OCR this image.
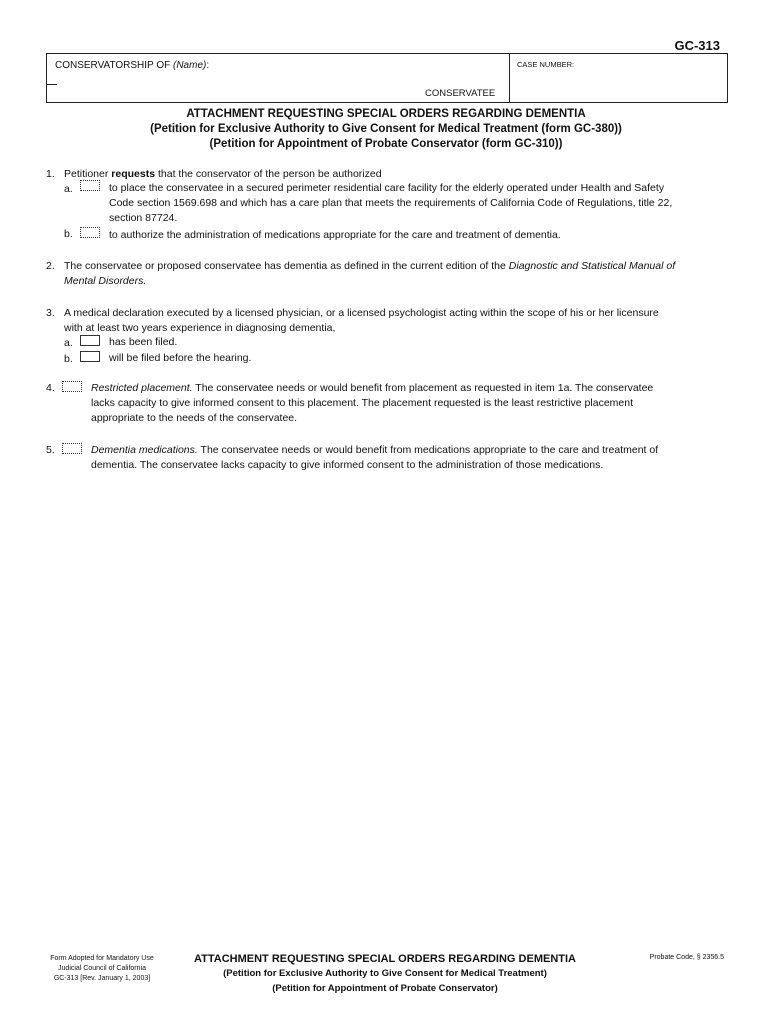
GC-313
CONSERVATORSHIP OF (Name):	CASE NUMBER:
CONSERVATEE
ATTACHMENT REQUESTING SPECIAL ORDERS REGARDING DEMENTIA
(Petition for Exclusive Authority to Give Consent for Medical Treatment (form GC-380))
(Petition for Appointment of Probate Conservator (form GC-310))
1. Petitioner requests that the conservator of the person be authorized
a.	to place the conservatee in a secured perimeter residential care facility for the elderly operated under Health and Safety
Code section 1569.698 and which has a care plan that meets the requirements of California Code of Regulations, title 22,
section 87724.
b.	to authorize the administration of medications appropriate for the care and treatment of dementia.
2. The conservatee or proposed conservatee has dementia as defined in the current edition of the Diagnostic and Statistical Manual of
Mental Disorders.
3. A medical declaration executed by a licensed physician, or a licensed psychologist acting within the scope of his or her licensure
with at least two years experience in diagnosing dementia,
a.	has been filed.
b.	will be filed before the hearing.
4.	Restricted placement. The conservatee needs or would benefit from placement as requested in item 1a. The conservatee
lacks capacity to give informed consent to this placement. The placement requested is the least restrictive placement
appropriate to the needs of the conservatee.
5.	Dementia medications. The conservatee needs or would benefit from medications appropriate to the care and treatment of
dementia. The conservatee lacks capacity to give informed consent to the administration of those medications.
Form Adopted for Mandatory Use
Judicial Council of California
GC-313 [Rev. January 1, 2003]
ATTACHMENT REQUESTING SPECIAL ORDERS REGARDING DEMENTIA
(Petition for Exclusive Authority to Give Consent for Medical Treatment)
(Petition for Appointment of Probate Conservator)
Probate Code, § 2356.5
